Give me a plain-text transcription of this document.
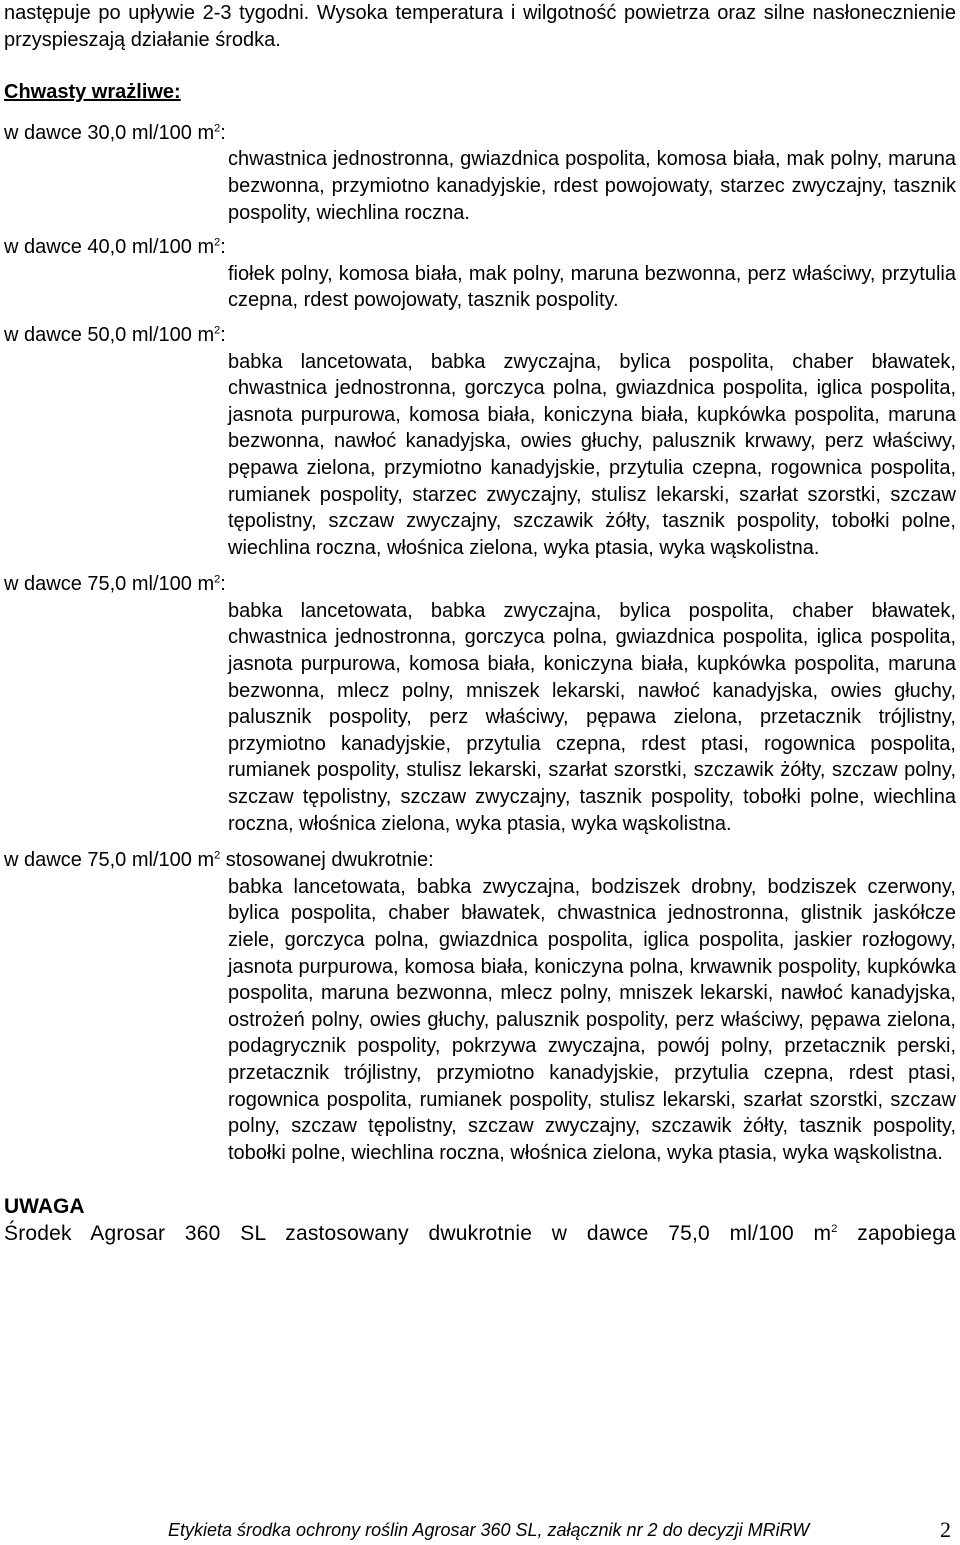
następuje po upływie 2-3 tygodni. Wysoka temperatura i wilgotność powietrza oraz silne nasłonecznienie przyspieszają działanie środka.

Chwasty wrażliwe:

w dawce 30,0 ml/100 $m^2$:

chwastnica jednostronna, gwiazdnica pospolita, komosa biała, mak polny, maruna bezwonna, przymiotno kanadyjskie, rdest powojowaty, starzec zwyczajny, tasznik pospolity, wiechlina roczna.

w dawce 40,0 ml/100 $m^2$:

fiołek polny, komosa biała, mak polny, maruna bezwonna, perz właściwy, przytulia czepna, rdest powojowaty, tasznik pospolity.

w dawce 50,0 ml/100 $m^2$:

babka lancetowata, babka zwyczajna, bylica pospolita, chaber bławatek, chwastnica jednostronna, gorczyca polna, gwiazdnica pospolita, iglica pospolita, jasnota purpurowa, komosa biała, koniczyna biała, kupkówka pospolita, maruna bezwonna, nawłoć kanadyjska, owies głuchy, palusznik krwawy, perz właściwy, pępawa zielona, przymiotno kanadyjskie, przytulia czepna, rogownica pospolita, rumianek pospolity, starzec zwyczajny, stulisz lekarski, szarłat szorstki, szczaw tępolistny, szczaw zwyczajny, szczawik żółty, tasznik pospolity, tobołki polne, wiechlina roczna, włośnica zielona, wyka ptasia, wyka wąskolistna.

w dawce 75,0 ml/100 $m^2$:

babka lancetowata, babka zwyczajna, bylica pospolita, chaber bławatek, chwastnica jednostronna, gorczyca polna, gwiazdnica pospolita, iglica pospolita, jasnota purpurowa, komosa biała, koniczyna biała, kupkówka pospolita, maruna bezwonna, mlecz polny, mniszek lekarski, nawłoć kanadyjska, owies głuchy, palusznik pospolity, perz właściwy, pępawa zielona, przetacznik trójlistny, przymiotno kanadyjskie, przytulia czepna, rdest ptasi, rogownica pospolita, rumianek pospolity, stulisz lekarski, szarłat szorstki, szczawik żółty, szczaw polny, szczaw tępolistny, szczaw zwyczajny, tasznik pospolity, tobołki polne, wiechlina roczna, włośnica zielona, wyka ptasia, wyka wąskolistna.

w dawce 75,0 ml/100 $m^2$ stosowanej dwukrotnie:

babka lancetowata, babka zwyczajna, bodziszek drobny, bodziszek czerwony, bylica pospolita, chaber bławatek, chwastnica jednostronna, glistnik jaskółcze ziele, gorczyca polna, gwiazdnica pospolita, iglica pospolita, jaskier rozłogowy, jasnota purpurowa, komosa biała, koniczyna polna, krwawnik pospolity, kupkówka pospolita, maruna bezwonna, mlecz polny, mniszek lekarski, nawłoć kanadyjska, ostrożeń polny, owies głuchy, palusznik pospolity, perz właściwy, pępawa zielona, podagrycznik pospolity, pokrzywa zwyczajna, powój polny, przetacznik perski, przetacznik trójlistny, przymiotno kanadyjskie, przytulia czepna, rdest ptasi, rogownica pospolita, rumianek pospolity, stulisz lekarski, szarłat szorstki, szczaw polny, szczaw tępolistny, szczaw zwyczajny, szczawik żółty, tasznik pospolity, tobołki polne, wiechlina roczna, włośnica zielona, wyka ptasia, wyka wąskolistna.

UWAGA

Środek Agrosar 360 SL zastosowany dwukrotnie w dawce 75,0 ml/100 $m^2$ zapobiega

Etykieta środka ochrony roślin Agrosar 360 SL, załącznik nr 2 do decyzji MRiRW	2
